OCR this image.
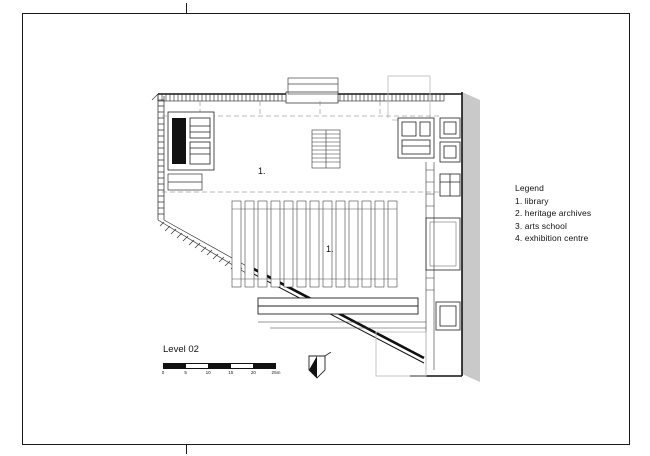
1.
1.
Legend
1. library
2. heritage archives
3. arts school
4. exhibition centre
Level 02
0	5	10	15	20	25m
